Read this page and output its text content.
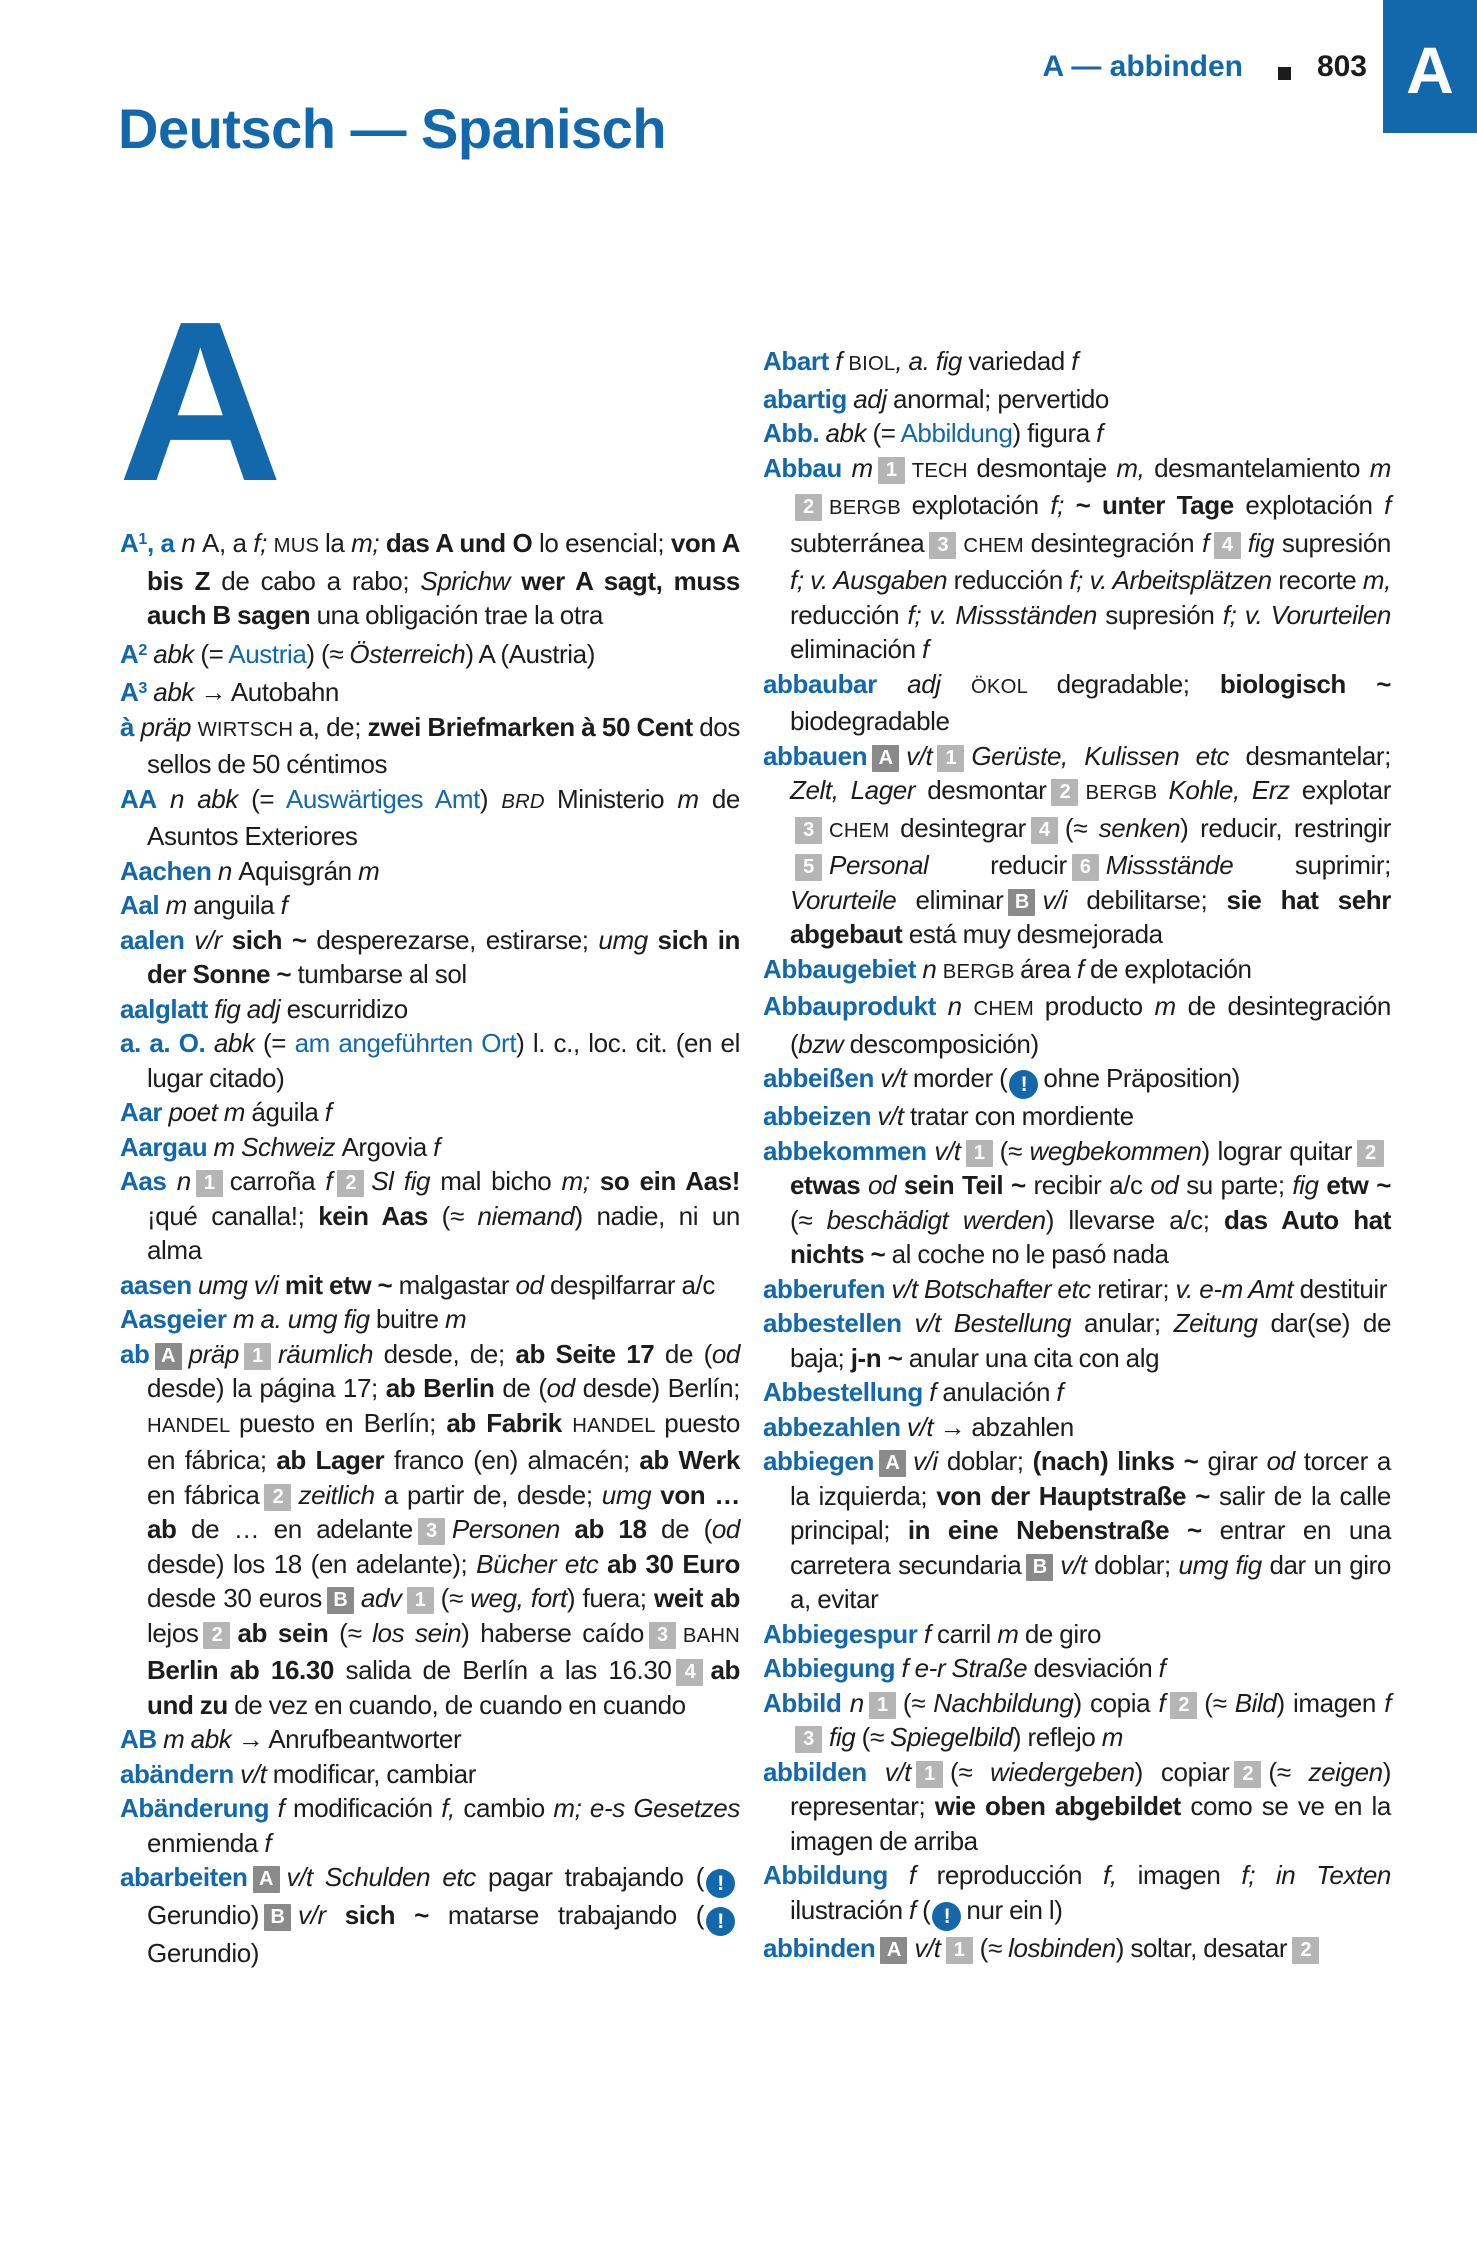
A — abbinden 803 A
Deutsch — Spanisch
A
$A^1$, a n A, a f; MUS la m; das A und O lo esencial; von A bis Z de cabo a rabo; Sprichw wer A sagt, muss auch B sagen una obligación trae la otra
$A^2$ abk (= Austria) (≈ Österreich) A (Austria)
$A^3$ abk → Autobahn
à präp WIRTSCH a, de; zwei Briefmarken à 50 Cent dos sellos de 50 céntimos
AA n abk (= Auswärtiges Amt) BRD Ministerio m de Asuntos Exteriores
Aachen n Aquisgrán m
Aal m anguila f
aalen v/r sich ~ desperezarse, estirarse; umg sich in der Sonne ~ tumbarse al sol
aalglatt fig adj escurridizo
a. a. O. abk (= am angeführten Ort) l. c., loc. cit. (en el lugar citado)
Aar poet m águila f
Aargau m Schweiz Argovia f
Aas n 1 carroña f 2 Sl fig mal bicho m; so ein Aas! ¡qué canalla!; kein Aas (≈ niemand) nadie, ni un alma
aasen umg v/i mit etw ~ malgastar od despilfarrar a/c
Aasgeier m a. umg fig buitre m
ab A präp 1 räumlich desde, de; ab Seite 17 de (od desde) la página 17; ab Berlin de (od desde) Berlín; HANDEL puesto en Berlín; ab Fabrik HANDEL puesto en fábrica; ab Lager franco (en) almacén; ab Werk en fábrica 2 zeitlich a partir de, desde; umg von … ab de … en adelante 3 Personen ab 18 de (od desde) los 18 (en adelante); Bücher etc ab 30 Euro desde 30 euros B adv 1 (≈ weg, fort) fuera; weit ab lejos 2 ab sein (≈ los sein) haberse caído 3 BAHN Berlin ab 16.30 salida de Berlín a las 16.30 4 ab und zu de vez en cuando, de cuando en cuando
AB m abk → Anrufbeantworter
abändern v/t modificar, cambiar
Abänderung f modificación f, cambio m; e-s Gesetzes enmienda f
abarbeiten A v/t Schulden etc pagar trabajando ( !Gerundio) B v/r sich ~ matarse trabajando ( !Gerundio)
Abart f BIOL, a. fig variedad f
abartig adj anormal; pervertido
Abb. abk (= Abbildung) figura f
Abbau m 1 TECH desmontaje m, desmantelamiento m2 BERGB explotación f; ~ unter Tage explotación f subterránea 3 CHEM desintegración f 4 fig supresión f; v. Ausgaben reducción f; v. Arbeitsplätzen recorte m, reducción f; v. Missständen supresión f; v. Vorurteilen eliminación f
abbaubar adj ÖKOL degradable; biologisch ~ biodegradable
abbauen A v/t 1 Gerüste, Kulissen etc desmantelar; Zelt, Lager desmontar 2 BERGB Kohle, Erz explotar3 CHEM desintegrar 4 (≈ senken) reducir, restringir5 Personal reducir 6 Missstände suprimir; Vorurteile eliminar B v/i debilitarse; sie hat sehr abgebaut está muy desmejorada
Abbaugebiet n BERGB área f de explotación
Abbauprodukt n CHEM producto m de desintegración (bzw descomposición)
abbeißen v/t morder ( ! ohne Präposition)
abbeizen v/t tratar con mordiente
abbekommen v/t 1 (≈ wegbekommen) lograr quitar 2etwas od sein Teil ~ recibir a/c od su parte; fig etw ~ (≈ beschädigt werden) llevarse a/c; das Auto hat nichts ~ al coche no le pasó nada
abberufen v/t Botschafter etc retirar; v. e-m Amt destituir
abbestellen v/t Bestellung anular; Zeitung dar(se) de baja; j-n ~ anular una cita con alg
Abbestellung f anulación f
abbezahlen v/t → abzahlen
abbiegen A v/i doblar; (nach) links ~ girar od torcer a la izquierda; von der Hauptstraße ~ salir de la calle principal; in eine Nebenstraße ~ entrar en una carretera secundaria B v/t doblar; umg fig dar un giro a, evitar
Abbiegespur f carril m de giro
Abbiegung f e-r Straße desviación f
Abbild n 1 (≈ Nachbildung) copia f 2 (≈ Bild) imagen f3 fig (≈ Spiegelbild) reflejo m
abbilden v/t 1 (≈ wiedergeben) copiar 2 (≈ zeigen) representar; wie oben abgebildet como se ve en la imagen de arriba
Abbildung f reproducción f, imagen f; in Texten ilustración f ( ! nur ein l)
abbinden A v/t 1 (≈ losbinden) soltar, desatar 2
